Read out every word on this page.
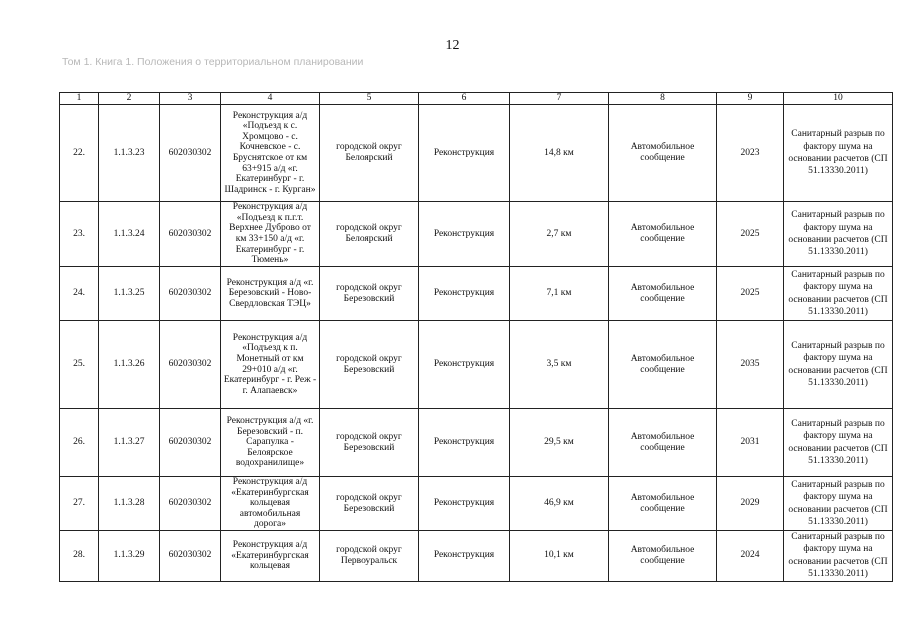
12
Том 1. Книга 1. Положения о территориальном планировании
1	2	3	4	5	6	7	8	9	10
22.	1.1.3.23	602030302	Реконструкция а/д «Подъезд к с. Хромцово - с. Кочневское - с. Бруснятское от км 63+915 а/д «г. Екатеринбург - г. Шадринск - г. Курган»	городской округ Белоярский	Реконструкция	14,8 км	Автомобильное сообщение	2023	Санитарный разрыв по фактору шума на основании расчетов (СП 51.13330.2011)
23.	1.1.3.24	602030302	Реконструкция а/д «Подъезд к п.г.т. Верхнее Дуброво от км 33+150 а/д «г. Екатеринбург - г. Тюмень»	городской округ Белоярский	Реконструкция	2,7 км	Автомобильное сообщение	2025	Санитарный разрыв по фактору шума на основании расчетов (СП 51.13330.2011)
24.	1.1.3.25	602030302	Реконструкция а/д «г. Березовский - Ново-Свердловская ТЭЦ»	городской округ Березовский	Реконструкция	7,1 км	Автомобильное сообщение	2025	Санитарный разрыв по фактору шума на основании расчетов (СП 51.13330.2011)
25.	1.1.3.26	602030302	Реконструкция а/д «Подъезд к п. Монетный от км 29+010 а/д «г. Екатеринбург - г. Реж - г. Алапаевск»	городской округ Березовский	Реконструкция	3,5 км	Автомобильное сообщение	2035	Санитарный разрыв по фактору шума на основании расчетов (СП 51.13330.2011)
26.	1.1.3.27	602030302	Реконструкция а/д «г. Березовский - п. Сарапулка - Белоярское водохранилище»	городской округ Березовский	Реконструкция	29,5 км	Автомобильное сообщение	2031	Санитарный разрыв по фактору шума на основании расчетов (СП 51.13330.2011)
27.	1.1.3.28	602030302	Реконструкция а/д «Екатеринбургская кольцевая автомобильная дорога»	городской округ Березовский	Реконструкция	46,9 км	Автомобильное сообщение	2029	Санитарный разрыв по фактору шума на основании расчетов (СП 51.13330.2011)
28.	1.1.3.29	602030302	Реконструкция а/д «Екатеринбургская кольцевая	городской округ Первоуральск	Реконструкция	10,1 км	Автомобильное сообщение	2024	Санитарный разрыв по фактору шума на основании расчетов (СП 51.13330.2011)
